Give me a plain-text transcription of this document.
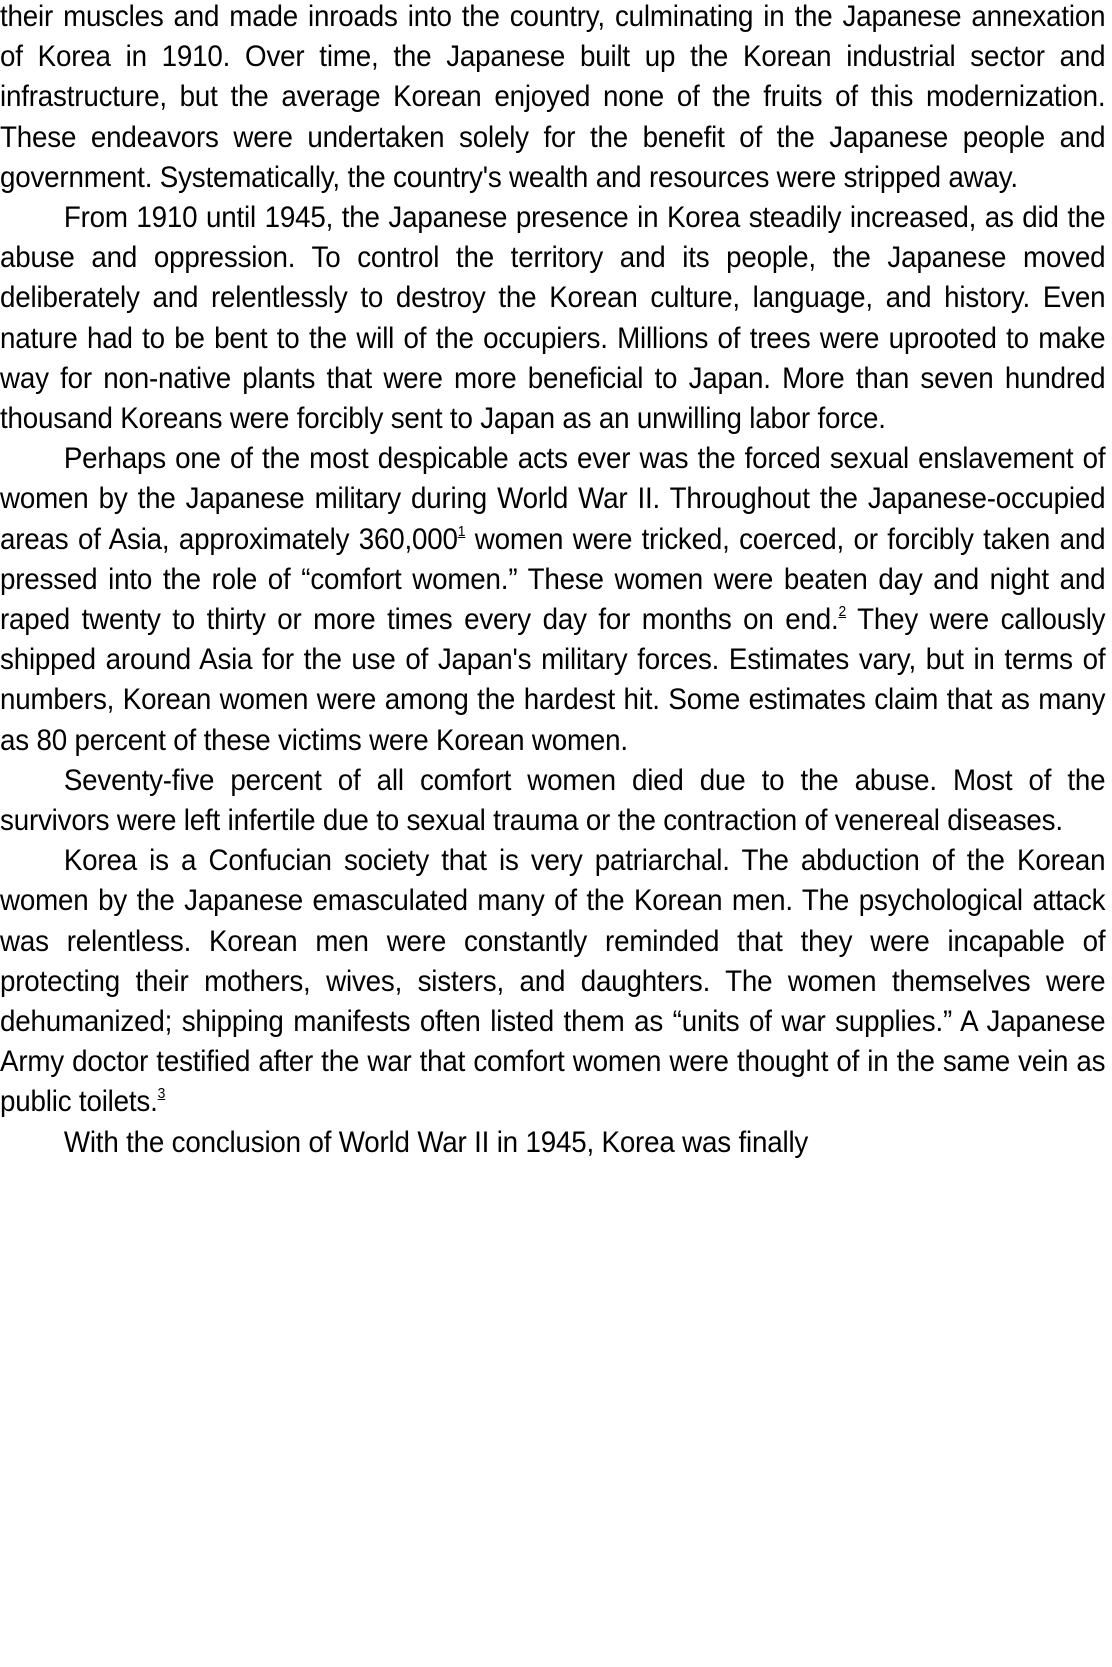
their muscles and made inroads into the country, culminating in the Japanese annexation of Korea in 1910. Over time, the Japanese built up the Korean industrial sector and infrastructure, but the average Korean enjoyed none of the fruits of this modernization. These endeavors were undertaken solely for the benefit of the Japanese people and government. Systematically, the country's wealth and resources were stripped away.

From 1910 until 1945, the Japanese presence in Korea steadily increased, as did the abuse and oppression. To control the territory and its people, the Japanese moved deliberately and relentlessly to destroy the Korean culture, language, and history. Even nature had to be bent to the will of the occupiers. Millions of trees were uprooted to make way for non-native plants that were more beneficial to Japan. More than seven hundred thousand Koreans were forcibly sent to Japan as an unwilling labor force.

Perhaps one of the most despicable acts ever was the forced sexual enslavement of women by the Japanese military during World War II. Throughout the Japanese-occupied areas of Asia, approximately 360,000$^1$ women were tricked, coerced, or forcibly taken and pressed into the role of “comfort women.” These women were beaten day and night and raped twenty to thirty or more times every day for months on end.$^2$ They were callously shipped around Asia for the use of Japan's military forces. Estimates vary, but in terms of numbers, Korean women were among the hardest hit. Some estimates claim that as many as 80 percent of these victims were Korean women.

Seventy-five percent of all comfort women died due to the abuse. Most of the survivors were left infertile due to sexual trauma or the contraction of venereal diseases.

Korea is a Confucian society that is very patriarchal. The abduction of the Korean women by the Japanese emasculated many of the Korean men. The psychological attack was relentless. Korean men were constantly reminded that they were incapable of protecting their mothers, wives, sisters, and daughters. The women themselves were dehumanized; shipping manifests often listed them as “units of war supplies.” A Japanese Army doctor testified after the war that comfort women were thought of in the same vein as public toilets.$^3$

With the conclusion of World War II in 1945, Korea was finally
